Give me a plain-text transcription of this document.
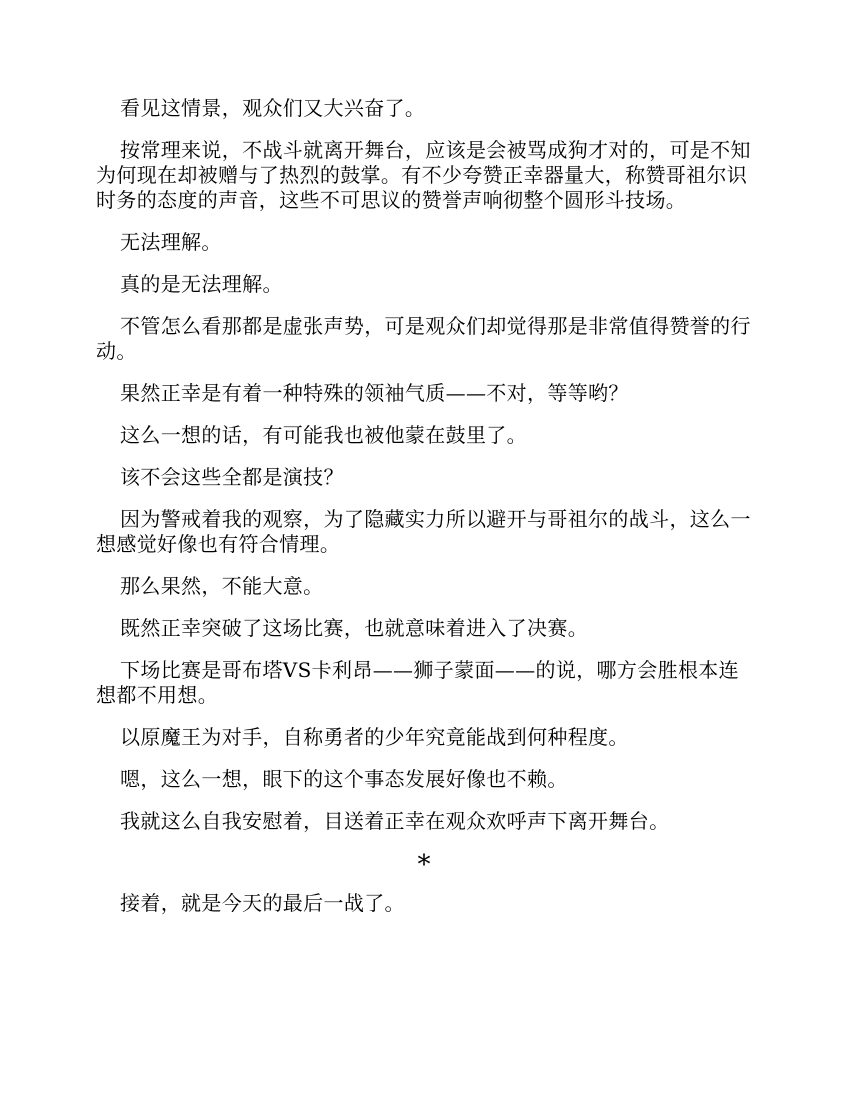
看见这情景，观众们又大兴奋了。

按常理来说，不战斗就离开舞台，应该是会被骂成狗才对的，可是不知为何现在却被赠与了热烈的鼓掌。有不少夸赞正幸器量大，称赞哥祖尔识时务的态度的声音，这些不可思议的赞誉声响彻整个圆形斗技场。

无法理解。

真的是无法理解。

不管怎么看那都是虚张声势，可是观众们却觉得那是非常值得赞誉的行动。

果然正幸是有着一种特殊的领袖气质——不对，等等哟？

这么一想的话，有可能我也被他蒙在鼓里了。

该不会这些全都是演技？

因为警戒着我的观察，为了隐藏实力所以避开与哥祖尔的战斗，这么一想感觉好像也有符合情理。

那么果然，不能大意。

既然正幸突破了这场比赛，也就意味着进入了决赛。

下场比赛是哥布塔VS卡利昂——狮子蒙面——的说，哪方会胜根本连想都不用想。

以原魔王为对手，自称勇者的少年究竟能战到何种程度。

嗯，这么一想，眼下的这个事态发展好像也不赖。

我就这么自我安慰着，目送着正幸在观众欢呼声下离开舞台。

*

接着，就是今天的最后一战了。
